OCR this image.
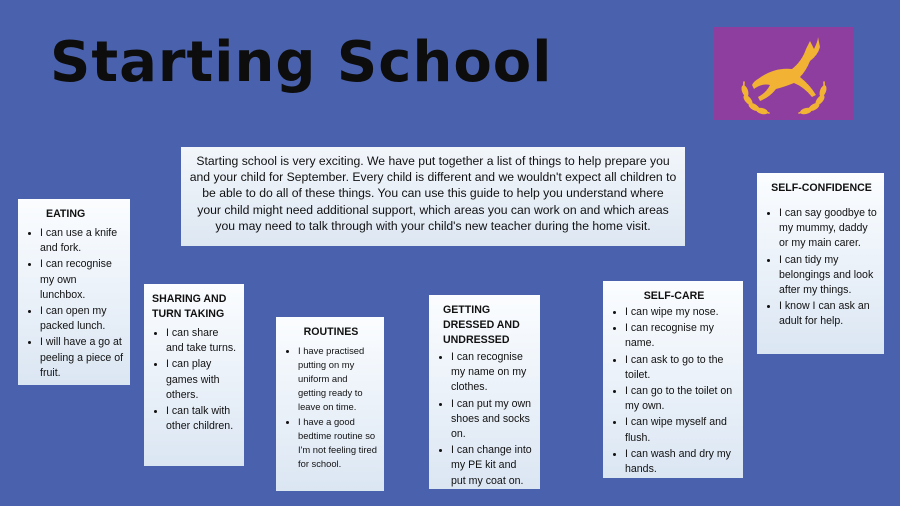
Starting School
Starting school is very exciting. We have put together a list of things to help prepare you and your child for September. Every child is different and we wouldn't expect all children to be able to do all of these things. You can use this guide to help you understand where your child might need additional support, which areas you can work on and which areas you may need to talk through with your child's new teacher during the home visit.
EATING
• I can use a knife and fork.
• I can recognise my own lunchbox.
• I can open my packed lunch.
• I will have a go at peeling a piece of fruit.
SHARING AND TURN TAKING
• I can share and take turns.
• I can play games with others.
• I can talk with other children.
ROUTINES
• I have practised putting on my uniform and getting ready to leave on time.
• I have a good bedtime routine so I'm not feeling tired for school.
GETTING DRESSED AND UNDRESSED
• I can recognise my name on my clothes.
• I can put my own shoes and socks on.
• I can change into my PE kit and put my coat on.
SELF-CARE
• I can wipe my nose.
• I can recognise my name.
• I can ask to go to the toilet.
• I can go to the toilet on my own.
• I can wipe myself and flush.
• I can wash and dry my hands.
SELF-CONFIDENCE
• I can say goodbye to my mummy, daddy or my main carer.
• I can tidy my belongings and look after my things.
• I know I can ask an adult for help.
